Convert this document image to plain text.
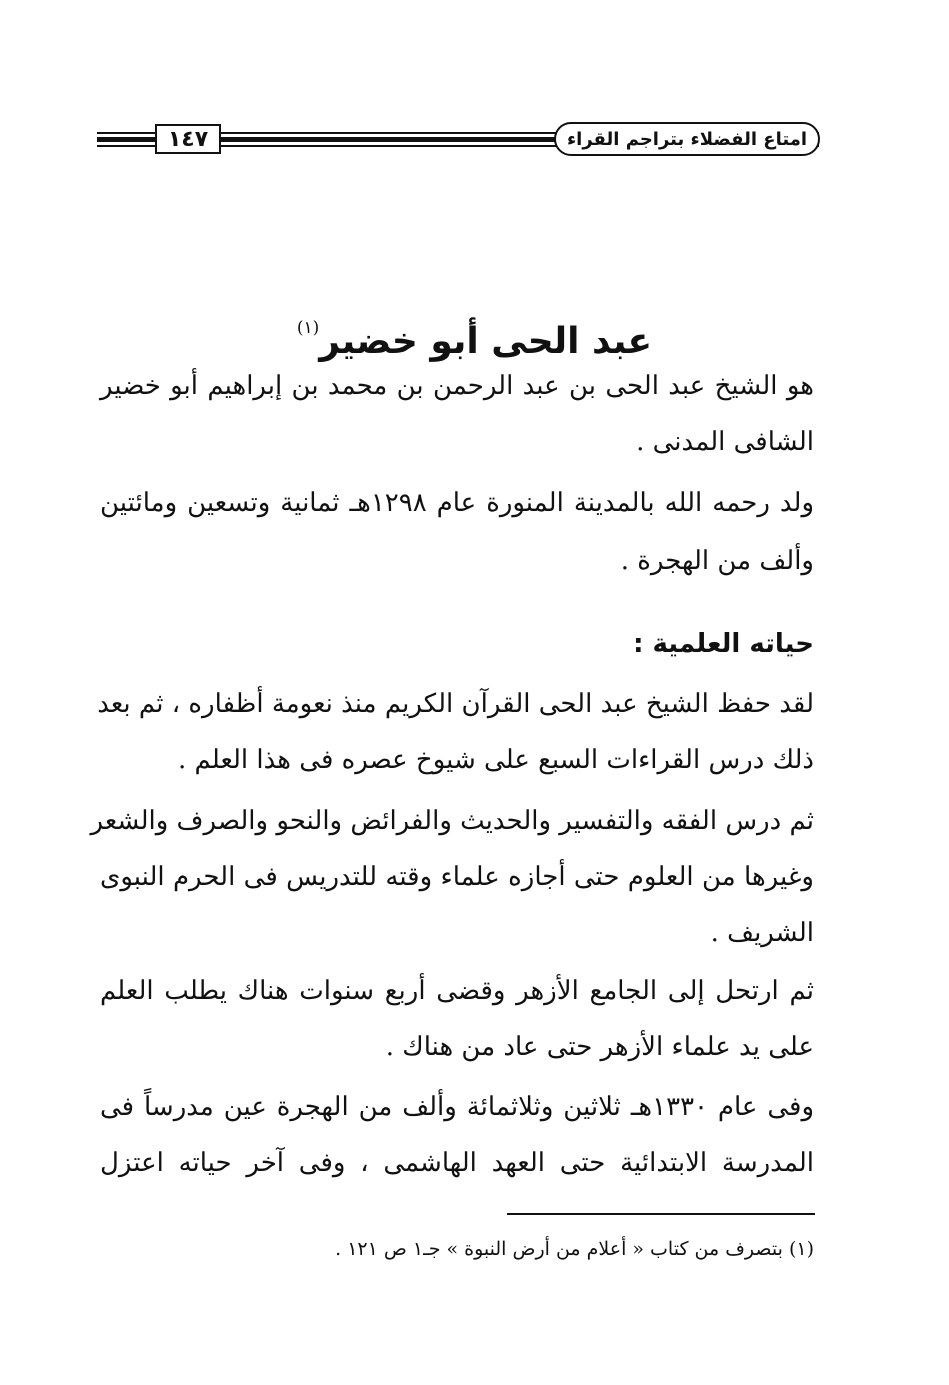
١٤٧	امتاع الفضلاء بتراجم القراء
عبد الحى أبو خضير$^{(١)}$
هو الشيخ عبد الحى بن عبد الرحمن بن محمد بن إبراهيم أبو خضير
الشافى المدنى .
ولد رحمه الله بالمدينة المنورة عام ١٢٩٨هـ ثمانية وتسعين ومائتين
وألف من الهجرة .
حياته العلمية :
لقد حفظ الشيخ عبد الحى القرآن الكريم منذ نعومة أظفاره ، ثم بعد
ذلك درس القراءات السبع على شيوخ عصره فى هذا العلم .
ثم درس الفقه والتفسير والحديث والفرائض والنحو والصرف والشعر
وغيرها من العلوم حتى أجازه علماء وقته للتدريس فى الحرم النبوى
الشريف .
ثم ارتحل إلى الجامع الأزهر وقضى أربع سنوات هناك يطلب العلم
على يد علماء الأزهر حتى عاد من هناك .
وفى عام ١٣٣٠هـ ثلاثين وثلاثمائة وألف من الهجرة عين مدرساً فى
المدرسة الابتدائية حتى العهد الهاشمى ، وفى آخر حياته اعتزل
(١) بتصرف من كتاب « أعلام من أرض النبوة » جـ١ ص ١٢١ .
